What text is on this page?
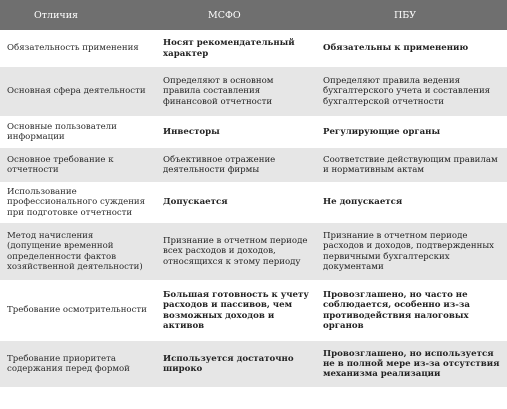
Отличия	МСФО	ПБУ
Обязательность применения	Носят рекомендательный характер	Обязательны к применению
Основная сфера деятельности	Определяют в основном правила составления финансовой отчетности	Определяют правила ведения бухгалтерского учета и составления бухгалтерской отчетности
Основные пользователи информации	Инвесторы	Регулирующие органы
Основное требование к отчетности	Объективное отражение деятельности фирмы	Соответствие действующим правилам и нормативным актам
Использование профессионального суждения при подготовке отчетности	Допускается	Не допускается
Метод начисления (допущение временной определенности фактов хозяйственной деятельности)	Признание в отчетном периоде всех расходов и доходов, относящихся к этому периоду	Признание в отчетном периоде расходов и доходов, подтвержденных первичными бухгалтерских документами
Требование осмотрительности	Большая готовность к учету расходов и пассивов, чем возможных доходов и активов	Провозглашено, но часто не соблюдается, особенно из-за противодействия налоговых органов
Требование приоритета содержания перед формой	Используется достаточно широко	Провозглашено, но используется не в полной мере из-за отсутствия механизма реализации
